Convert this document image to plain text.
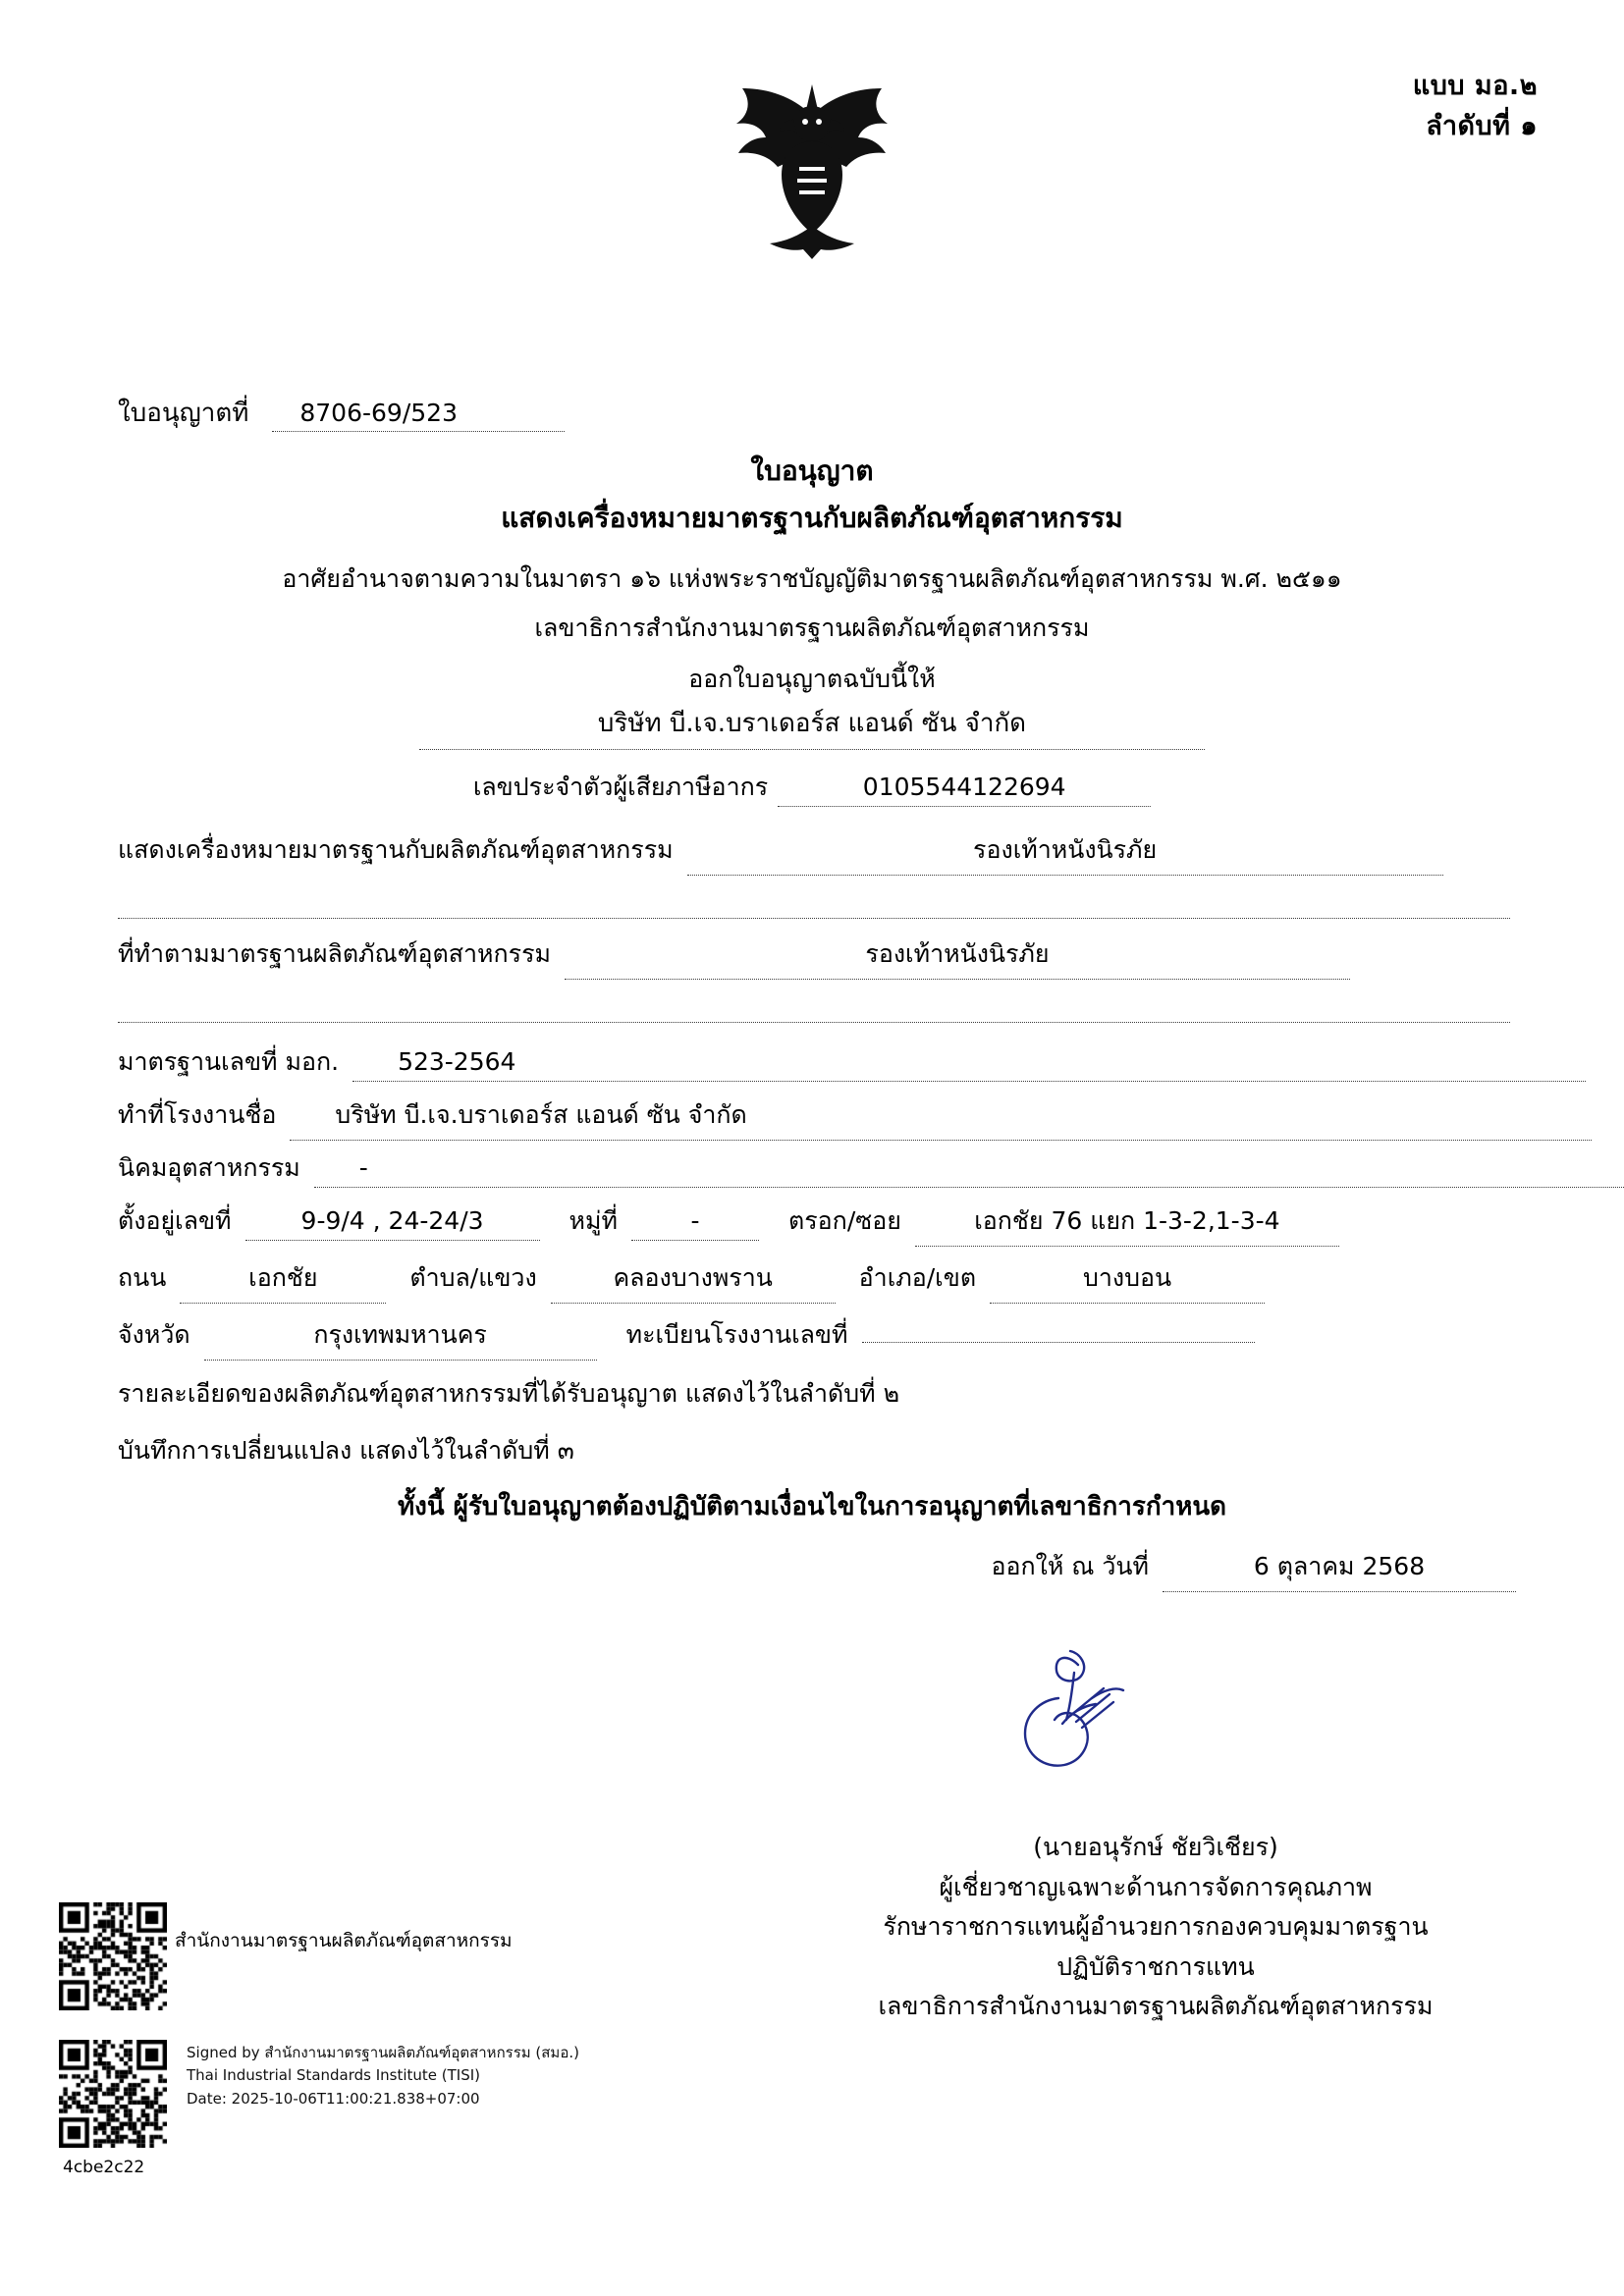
แบบ มอ.๒
ลำดับที่ ๑
ใบอนุญาตที่	8706-69/523
ใบอนุญาต
แสดงเครื่องหมายมาตรฐานกับผลิตภัณฑ์อุตสาหกรรม
อาศัยอำนาจตามความในมาตรา ๑๖ แห่งพระราชบัญญัติมาตรฐานผลิตภัณฑ์อุตสาหกรรม พ.ศ. ๒๕๑๑
เลขาธิการสำนักงานมาตรฐานผลิตภัณฑ์อุตสาหกรรม
ออกใบอนุญาตฉบับนี้ให้
บริษัท บี.เจ.บราเดอร์ส แอนด์ ซัน จำกัด
เลขประจำตัวผู้เสียภาษีอากร	0105544122694
แสดงเครื่องหมายมาตรฐานกับผลิตภัณฑ์อุตสาหกรรม	รองเท้าหนังนิรภัย
ที่ทำตามมาตรฐานผลิตภัณฑ์อุตสาหกรรม	รองเท้าหนังนิรภัย
มาตรฐานเลขที่ มอก.	523-2564
ทำที่โรงงานชื่อ	บริษัท บี.เจ.บราเดอร์ส แอนด์ ซัน จำกัด
นิคมอุตสาหกรรม	-
ตั้งอยู่เลขที่	9-9/4 , 24-24/3	หมู่ที่	-	ตรอก/ซอย	เอกชัย 76 แยก 1-3-2,1-3-4
ถนน	เอกชัย	ตำบล/แขวง	คลองบางพราน	อำเภอ/เขต	บางบอน
จังหวัด	กรุงเทพมหานคร	ทะเบียนโรงงานเลขที่
รายละเอียดของผลิตภัณฑ์อุตสาหกรรมที่ได้รับอนุญาต แสดงไว้ในลำดับที่ ๒
บันทึกการเปลี่ยนแปลง แสดงไว้ในลำดับที่ ๓
ทั้งนี้ ผู้รับใบอนุญาตต้องปฏิบัติตามเงื่อนไขในการอนุญาตที่เลขาธิการกำหนด
ออกให้ ณ วันที่	6 ตุลาคม 2568
(นายอนุรักษ์ ชัยวิเชียร)
ผู้เชี่ยวชาญเฉพาะด้านการจัดการคุณภาพ
รักษาราชการแทนผู้อำนวยการกองควบคุมมาตรฐาน
ปฏิบัติราชการแทน
เลขาธิการสำนักงานมาตรฐานผลิตภัณฑ์อุตสาหกรรม
สำนักงานมาตรฐานผลิตภัณฑ์อุตสาหกรรม
Signed by สำนักงานมาตรฐานผลิตภัณฑ์อุตสาหกรรม (สมอ.)
Thai Industrial Standards Institute (TISI)
Date: 2025-10-06T11:00:21.838+07:00
4cbe2c22
